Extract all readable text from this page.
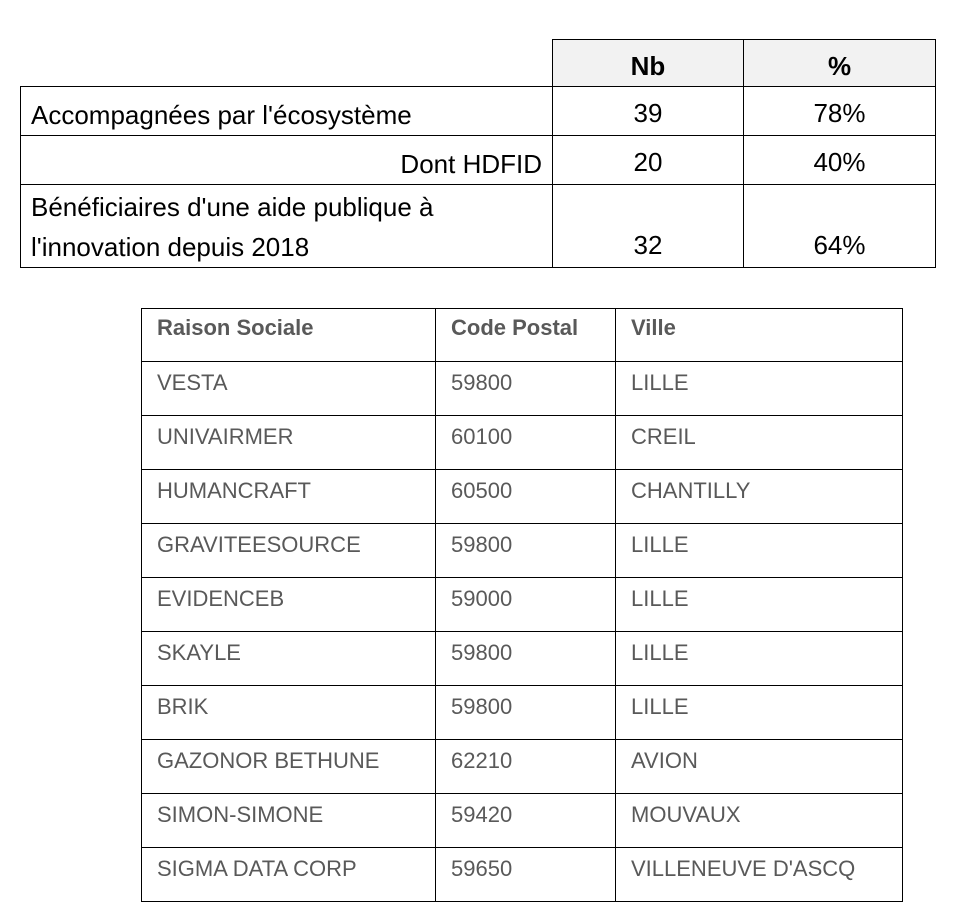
	Nb	%
Accompagnées par l'écosystème	39	78%
Dont HDFID	20	40%

Bénéficiaires d'une aide publique à
l'innovation depuis 2018	32	64%
Raison Sociale	Code Postal	Ville
VESTA	59800	LILLE
UNIVAIRMER	60100	CREIL
HUMANCRAFT	60500	CHANTILLY
GRAVITEESOURCE	59800	LILLE
EVIDENCEB	59000	LILLE
SKAYLE	59800	LILLE
BRIK	59800	LILLE
GAZONOR BETHUNE	62210	AVION
SIMON-SIMONE	59420	MOUVAUX
SIGMA DATA CORP	59650	VILLENEUVE D'ASCQ
